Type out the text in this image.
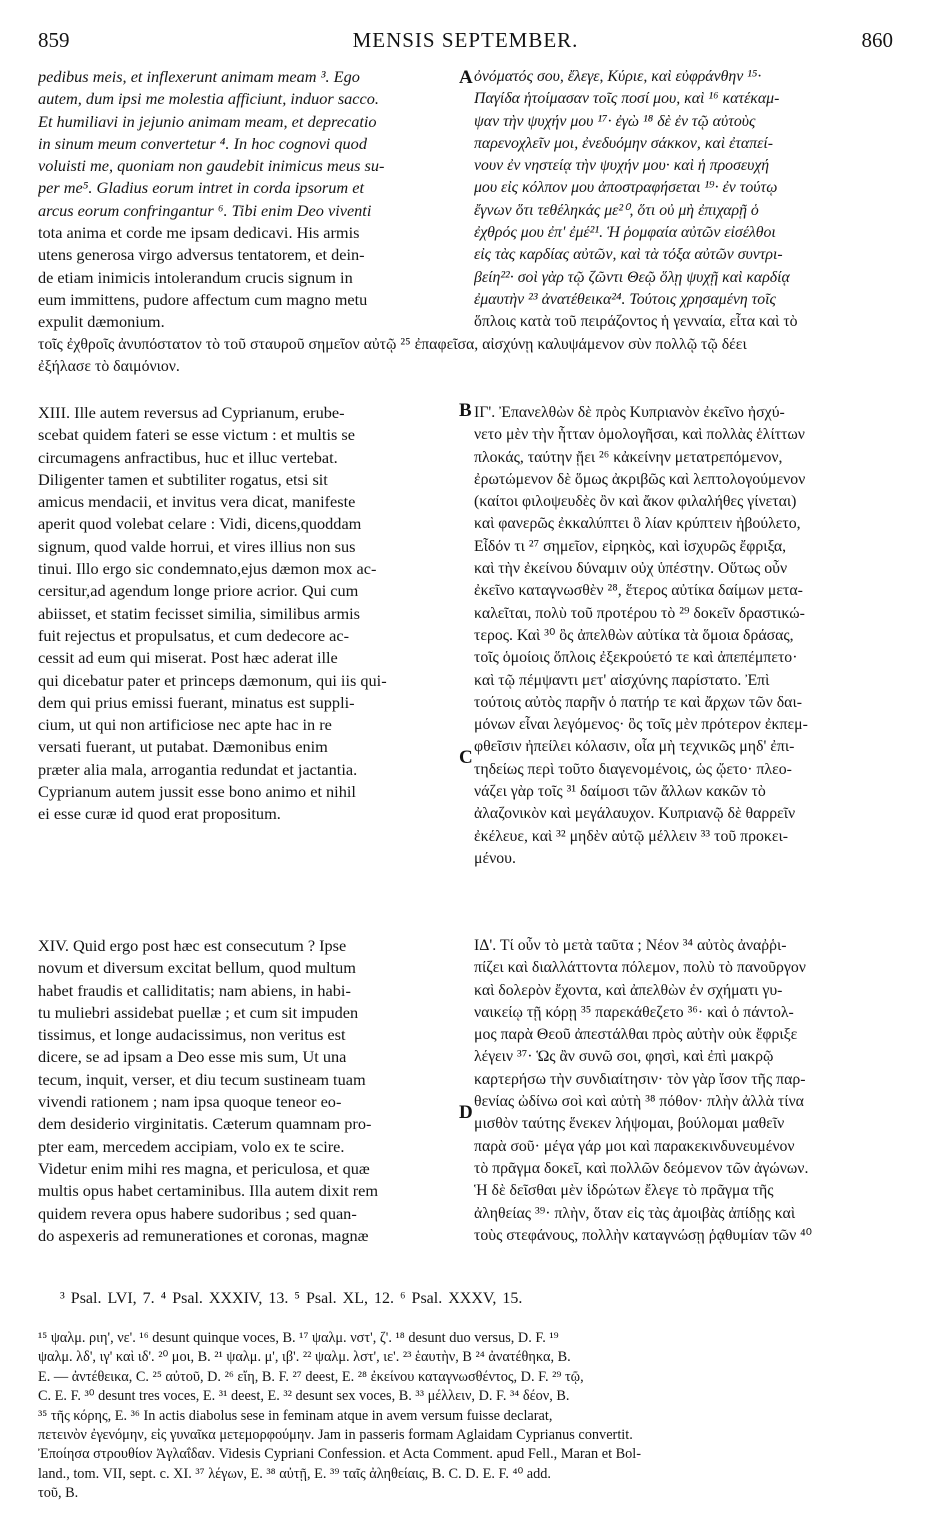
859	MENSIS SEPTEMBER.	860
A
B
C
D
pedibus meis, et inflexerunt animam meam ³. Ego
autem, dum ipsi me molestia afficiunt, induor sacco.
Et humiliavi in jejunio animam meam, et deprecatio
in sinum meum convertetur ⁴. In hoc cognovi quod
voluisti me, quoniam non gaudebit inimicus meus su-
per me⁵. Gladius eorum intret in corda ipsorum et
arcus eorum confringantur ⁶. Tibi enim Deo viventi
tota anima et corde me ipsam dedicavi. His armis
utens generosa virgo adversus tentatorem, et dein-
de etiam inimicis intolerandum crucis signum in
eum immittens, pudore affectum cum magno metu
expulit dæmonium.
ὀνόματός σου, ἔλεγε, Κύριε, καὶ εὐφράνθην ¹⁵·
Παγίδα ἡτοίμασαν τοῖς ποσί μου, καὶ ¹⁶ κατέκαμ-
ψαν τὴν ψυχήν μου ¹⁷· ἐγὼ ¹⁸ δὲ ἐν τῷ αὐτοὺς
παρενοχλεῖν μοι, ἐνεδυόμην σάκκον, καὶ ἐταπεί-
νουν ἐν νηστείᾳ τὴν ψυχήν μου· καὶ ἡ προσευχή
μου εἰς κόλπον μου ἀποστραφήσεται ¹⁹· ἐν τούτῳ
ἔγνων ὅτι τεθέληκάς με²⁰, ὅτι οὐ μὴ ἐπιχαρῇ ὁ
ἐχθρός μου ἐπ' ἐμέ²¹. Ἡ ῥομφαία αὐτῶν εἰσέλθοι
εἰς τὰς καρδίας αὐτῶν, καὶ τὰ τόξα αὐτῶν συντρι-
βείη²²· σοὶ γὰρ τῷ ζῶντι Θεῷ ὅλῃ ψυχῇ καὶ καρδίᾳ
ἐμαυτὴν ²³ ἀνατέθεικα²⁴. Τούτοις χρησαμένη τοῖς
ὅπλοις κατὰ τοῦ πειράζοντος ἡ γενναία, εἶτα καὶ τὸ
τοῖς ἐχθροῖς ἀνυπόστατον τὸ τοῦ σταυροῦ σημεῖον αὐτῷ ²⁵ ἐπαφεῖσα, αἰσχύνῃ καλυψάμενον σὺν πολλῷ τῷ δέει
ἐξήλασε τὸ δαιμόνιον.
XIII. Ille autem reversus ad Cyprianum, erube-
scebat quidem fateri se esse victum : et multis se
circumagens anfractibus, huc et illuc vertebat.
Diligenter tamen et subtiliter rogatus, etsi sit
amicus mendacii, et invitus vera dicat, manifeste
aperit quod volebat celare : Vidi, dicens,quoddam
signum, quod valde horrui, et vires illius non sus
tinui. Illo ergo sic condemnato,ejus dæmon mox ac-
cersitur,ad agendum longe priore acrior. Qui cum
abiisset, et statim fecisset similia, similibus armis
fuit rejectus et propulsatus, et cum dedecore ac-
cessit ad eum qui miserat. Post hæc aderat ille
qui dicebatur pater et princeps dæmonum, qui iis qui-
dem qui prius emissi fuerant, minatus est suppli-
cium, ut qui non artificiose nec apte hac in re
versati fuerant, ut putabat. Dæmonibus enim
præter alia mala, arrogantia redundat et jactantia.
Cyprianum autem jussit esse bono animo et nihil
ei esse curæ id quod erat propositum.
ΙΓ'. Ἐπανελθὼν δὲ πρὸς Κυπριανὸν ἐκεῖνο ἠσχύ-
νετο μὲν τὴν ἧτταν ὁμολογῆσαι, καὶ πολλὰς ἑλίττων
πλοκάς, ταύτην ᾔει ²⁶ κἀκείνην μετατρεπόμενον,
ἐρωτώμενον δὲ ὅμως ἀκριβῶς καὶ λεπτολογούμενον
(καίτοι φιλοψευδὲς ὂν καὶ ἄκον φιλαλήθες γίνεται)
καὶ φανερῶς ἐκκαλύπτει ὃ λίαν κρύπτειν ἠβούλετο,
Εἶδόν τι ²⁷ σημεῖον, εἰρηκὸς, καὶ ἰσχυρῶς ἔφριξα,
καὶ τὴν ἐκείνου δύναμιν οὐχ ὑπέστην. Οὕτως οὖν
ἐκεῖνο καταγνωσθὲν ²⁸, ἕτερος αὐτίκα δαίμων μετα-
καλεῖται, πολὺ τοῦ προτέρου τὸ ²⁹ δοκεῖν δραστικώ-
τερος. Καὶ ³⁰ ὃς ἀπελθὼν αὐτίκα τὰ ὅμοια δράσας,
τοῖς ὁμοίοις ὅπλοις ἐξεκρούετό τε καὶ ἀπεπέμπετο·
καὶ τῷ πέμψαντι μετ' αἰσχύνης παρίστατο. Ἐπὶ
τούτοις αὐτὸς παρῆν ὁ πατήρ τε καὶ ἄρχων τῶν δαι-
μόνων εἶναι λεγόμενος· ὃς τοῖς μὲν πρότερον ἐκπεμ-
φθεῖσιν ἠπείλει κόλασιν, οἷα μὴ τεχνικῶς μηδ' ἐπι-
τηδείως περὶ τοῦτο διαγενομένοις, ὡς ᾤετο· πλεο-
νάζει γὰρ τοῖς ³¹ δαίμοσι τῶν ἄλλων κακῶν τὸ
ἀλαζονικὸν καὶ μεγάλαυχον. Κυπριανῷ δὲ θαρρεῖν
ἐκέλευε, καὶ ³² μηδὲν αὐτῷ μέλλειν ³³ τοῦ προκει-
μένου.
XIV. Quid ergo post hæc est consecutum ? Ipse
novum et diversum excitat bellum, quod multum
habet fraudis et calliditatis; nam abiens, in habi-
tu muliebri assidebat puellæ ; et cum sit impuden
tissimus, et longe audacissimus, non veritus est
dicere, se ad ipsam a Deo esse mis sum, Ut una
tecum, inquit, verser, et diu tecum sustineam tuam
vivendi rationem ; nam ipsa quoque teneor eo-
dem desiderio virginitatis. Cæterum quamnam pro-
pter eam, mercedem accipiam, volo ex te scire.
Videtur enim mihi res magna, et periculosa, et quæ
multis opus habet certaminibus. Illa autem dixit rem
quidem revera opus habere sudoribus ; sed quan-
do aspexeris ad remunerationes et coronas, magnæ
ΙΔ'. Τί οὖν τὸ μετὰ ταῦτα ; Νέον ³⁴ αὐτὸς ἀναῤῥι-
πίζει καὶ διαλλάττοντα πόλεμον, πολὺ τὸ πανοῦργον
καὶ δολερὸν ἔχοντα, καὶ ἀπελθὼν ἐν σχήματι γυ-
ναικείῳ τῇ κόρῃ ³⁵ παρεκάθεζετο ³⁶· καὶ ὁ πάντολ-
μος παρὰ Θεοῦ ἀπεστάλθαι πρὸς αὐτὴν οὐκ ἔφριξε
λέγειν ³⁷· Ὡς ἂν συνῶ σοι, φησὶ, καὶ ἐπὶ μακρῷ
καρτερήσω τὴν συνδιαίτησιν· τὸν γὰρ ἴσον τῆς παρ-
θενίας ὠδίνω σοὶ καὶ αὐτὴ ³⁸ πόθον· πλὴν ἀλλὰ τίνα
μισθὸν ταύτης ἕνεκεν λήψομαι, βούλομαι μαθεῖν
παρὰ σοῦ· μέγα γάρ μοι καὶ παρακεκινδυνευμένον
τὸ πρᾶγμα δοκεῖ, καὶ πολλῶν δεόμενον τῶν ἀγώνων.
Ἡ δὲ δεῖσθαι μὲν ἱδρώτων ἔλεγε τὸ πρᾶγμα τῆς
ἀληθείας ³⁹· πλὴν, ὅταν εἰς τὰς ἀμοιβὰς ἀπίδῃς καὶ
τοὺς στεφάνους, πολλὴν καταγνώσῃ ῥᾳθυμίαν τῶν ⁴⁰
³ Psal. LVI, 7. ⁴ Psal. XXXIV, 13. ⁵ Psal. XL, 12. ⁶ Psal. XXXV, 15.
¹⁵ ψαλμ. ριη', νε'. ¹⁶ desunt quinque voces, B. ¹⁷ ψαλμ. νστ', ζ'. ¹⁸ desunt duo versus, D. F. ¹⁹
ψαλμ. λδ', ιγ' καὶ ιδ'. ²⁰ μοι, B. ²¹ ψαλμ. μ', ιβ'. ²² ψαλμ. λστ', ιε'. ²³ ἑαυτὴν, B ²⁴ ἀνατέθηκα, B.
E. — ἀντέθεικα, C. ²⁵ αὐτοῦ, D. ²⁶ εἴη, B. F. ²⁷ deest, E. ²⁸ ἐκείνου καταγνωσθέντος, D. F. ²⁹ τῷ,
C. E. F. ³⁰ desunt tres voces, E. ³¹ deest, E. ³² desunt sex voces, B. ³³ μέλλειν, D. F. ³⁴ δέον, B.
³⁵ τῆς κόρης, E. ³⁶ In actis diabolus sese in feminam atque in avem versum fuisse declarat,
πετεινὸν ἐγενόμην, εἰς γυναῖκα μετεμορφούμην. Jam in passeris formam Aglaidam Cyprianus convertit.
Ἐποίησα στρουθίον Ἀγλαΐδαν. Videsis Cypriani Confession. et Acta Comment. apud Fell., Maran et Bol-
land., tom. VII, sept. c. XI. ³⁷ λέγων, E. ³⁸ αὐτῇ, E. ³⁹ ταῖς ἀληθείαις, B. C. D. E. F. ⁴⁰ add.
τοῦ, B.
